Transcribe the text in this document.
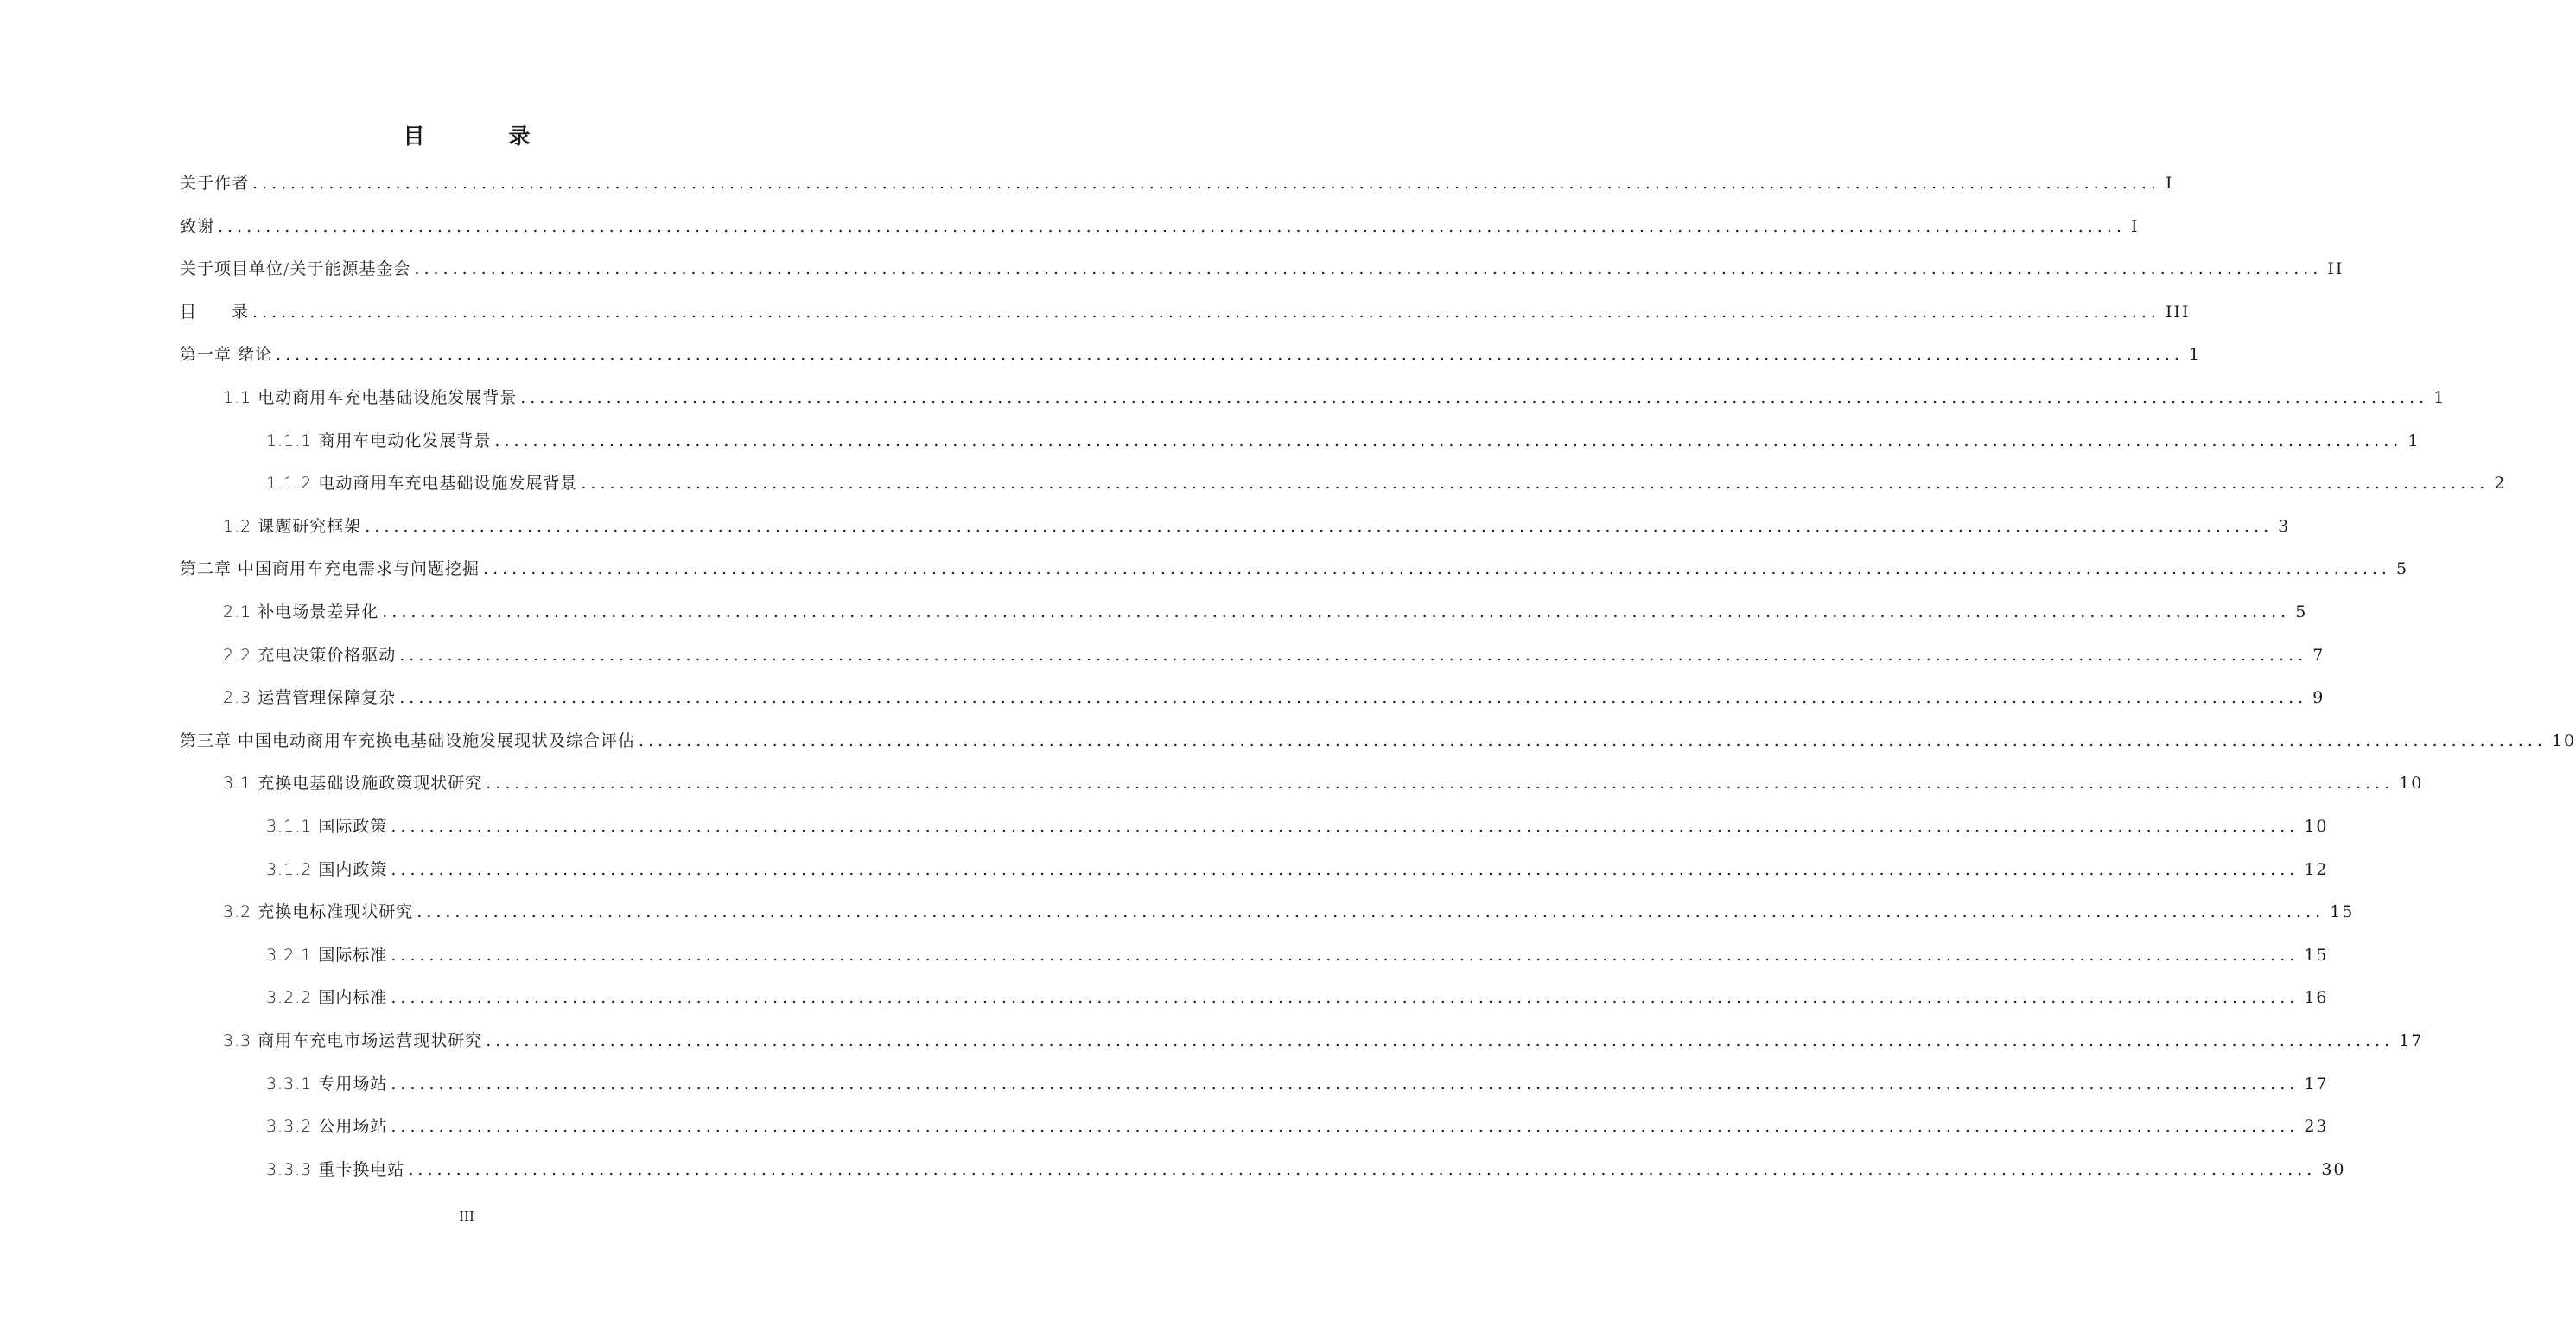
目　录
关于作者 ........................................................................................................................................................................................................ I
致谢 ........................................................................................................................................................................................................ I
关于项目单位/关于能源基金会 ........................................................................................................................................................................................................ II
目　　录 ........................................................................................................................................................................................................ III
第一章 绪论 ........................................................................................................................................................................................................ 1
1.1 电动商用车充电基础设施发展背景 ........................................................................................................................................................................................................ 1
1.1.1 商用车电动化发展背景 ........................................................................................................................................................................................................ 1
1.1.2 电动商用车充电基础设施发展背景 ........................................................................................................................................................................................................ 2
1.2 课题研究框架 ........................................................................................................................................................................................................ 3
第二章 中国商用车充电需求与问题挖掘 ........................................................................................................................................................................................................ 5
2.1 补电场景差异化 ........................................................................................................................................................................................................ 5
2.2 充电决策价格驱动 ........................................................................................................................................................................................................ 7
2.3 运营管理保障复杂 ........................................................................................................................................................................................................ 9
第三章 中国电动商用车充换电基础设施发展现状及综合评估 ........................................................................................................................................................................................................ 10
3.1 充换电基础设施政策现状研究 ........................................................................................................................................................................................................ 10
3.1.1 国际政策 ........................................................................................................................................................................................................ 10
3.1.2 国内政策 ........................................................................................................................................................................................................ 12
3.2 充换电标准现状研究 ........................................................................................................................................................................................................ 15
3.2.1 国际标准 ........................................................................................................................................................................................................ 15
3.2.2 国内标准 ........................................................................................................................................................................................................ 16
3.3 商用车充电市场运营现状研究 ........................................................................................................................................................................................................ 17
3.3.1 专用场站 ........................................................................................................................................................................................................ 17
3.3.2 公用场站 ........................................................................................................................................................................................................ 23
3.3.3 重卡换电站 ........................................................................................................................................................................................................ 30
III
